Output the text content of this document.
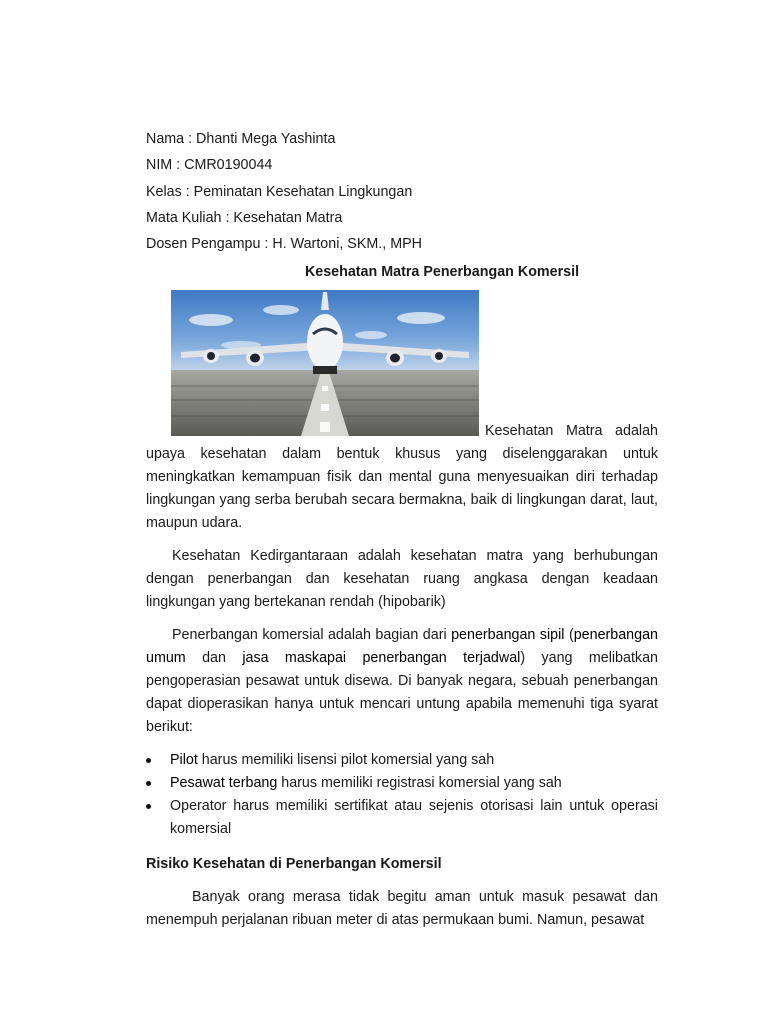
Nama : Dhanti Mega Yashinta
NIM : CMR0190044
Kelas : Peminatan Kesehatan Lingkungan
Mata Kuliah : Kesehatan Matra
Dosen Pengampu : H. Wartoni, SKM., MPH
Kesehatan Matra Penerbangan Komersil

Kesehatan Matra adalah
upaya kesehatan dalam bentuk khusus yang diselenggarakan untuk meningkatkan kemampuan fisik dan mental guna menyesuaikan diri terhadap lingkungan yang serba berubah secara bermakna, baik di lingkungan darat, laut, maupun udara.

Kesehatan Kedirgantaraan adalah kesehatan matra yang berhubungan dengan penerbangan dan kesehatan ruang angkasa dengan keadaan lingkungan yang bertekanan rendah (hipobarik)

Penerbangan komersial adalah bagian dari penerbangan sipil (penerbangan umum dan jasa maskapai penerbangan terjadwal) yang melibatkan pengoperasian pesawat untuk disewa. Di banyak negara, sebuah penerbangan dapat dioperasikan hanya untuk mencari untung apabila memenuhi tiga syarat berikut:

Pilot harus memiliki lisensi pilot komersial yang sah
Pesawat terbang harus memiliki registrasi komersial yang sah
Operator harus memiliki sertifikat atau sejenis otorisasi lain untuk operasi komersial
Risiko Kesehatan di Penerbangan Komersil

Banyak orang merasa tidak begitu aman untuk masuk pesawat dan menempuh perjalanan ribuan meter di atas permukaan bumi. Namun, pesawat
